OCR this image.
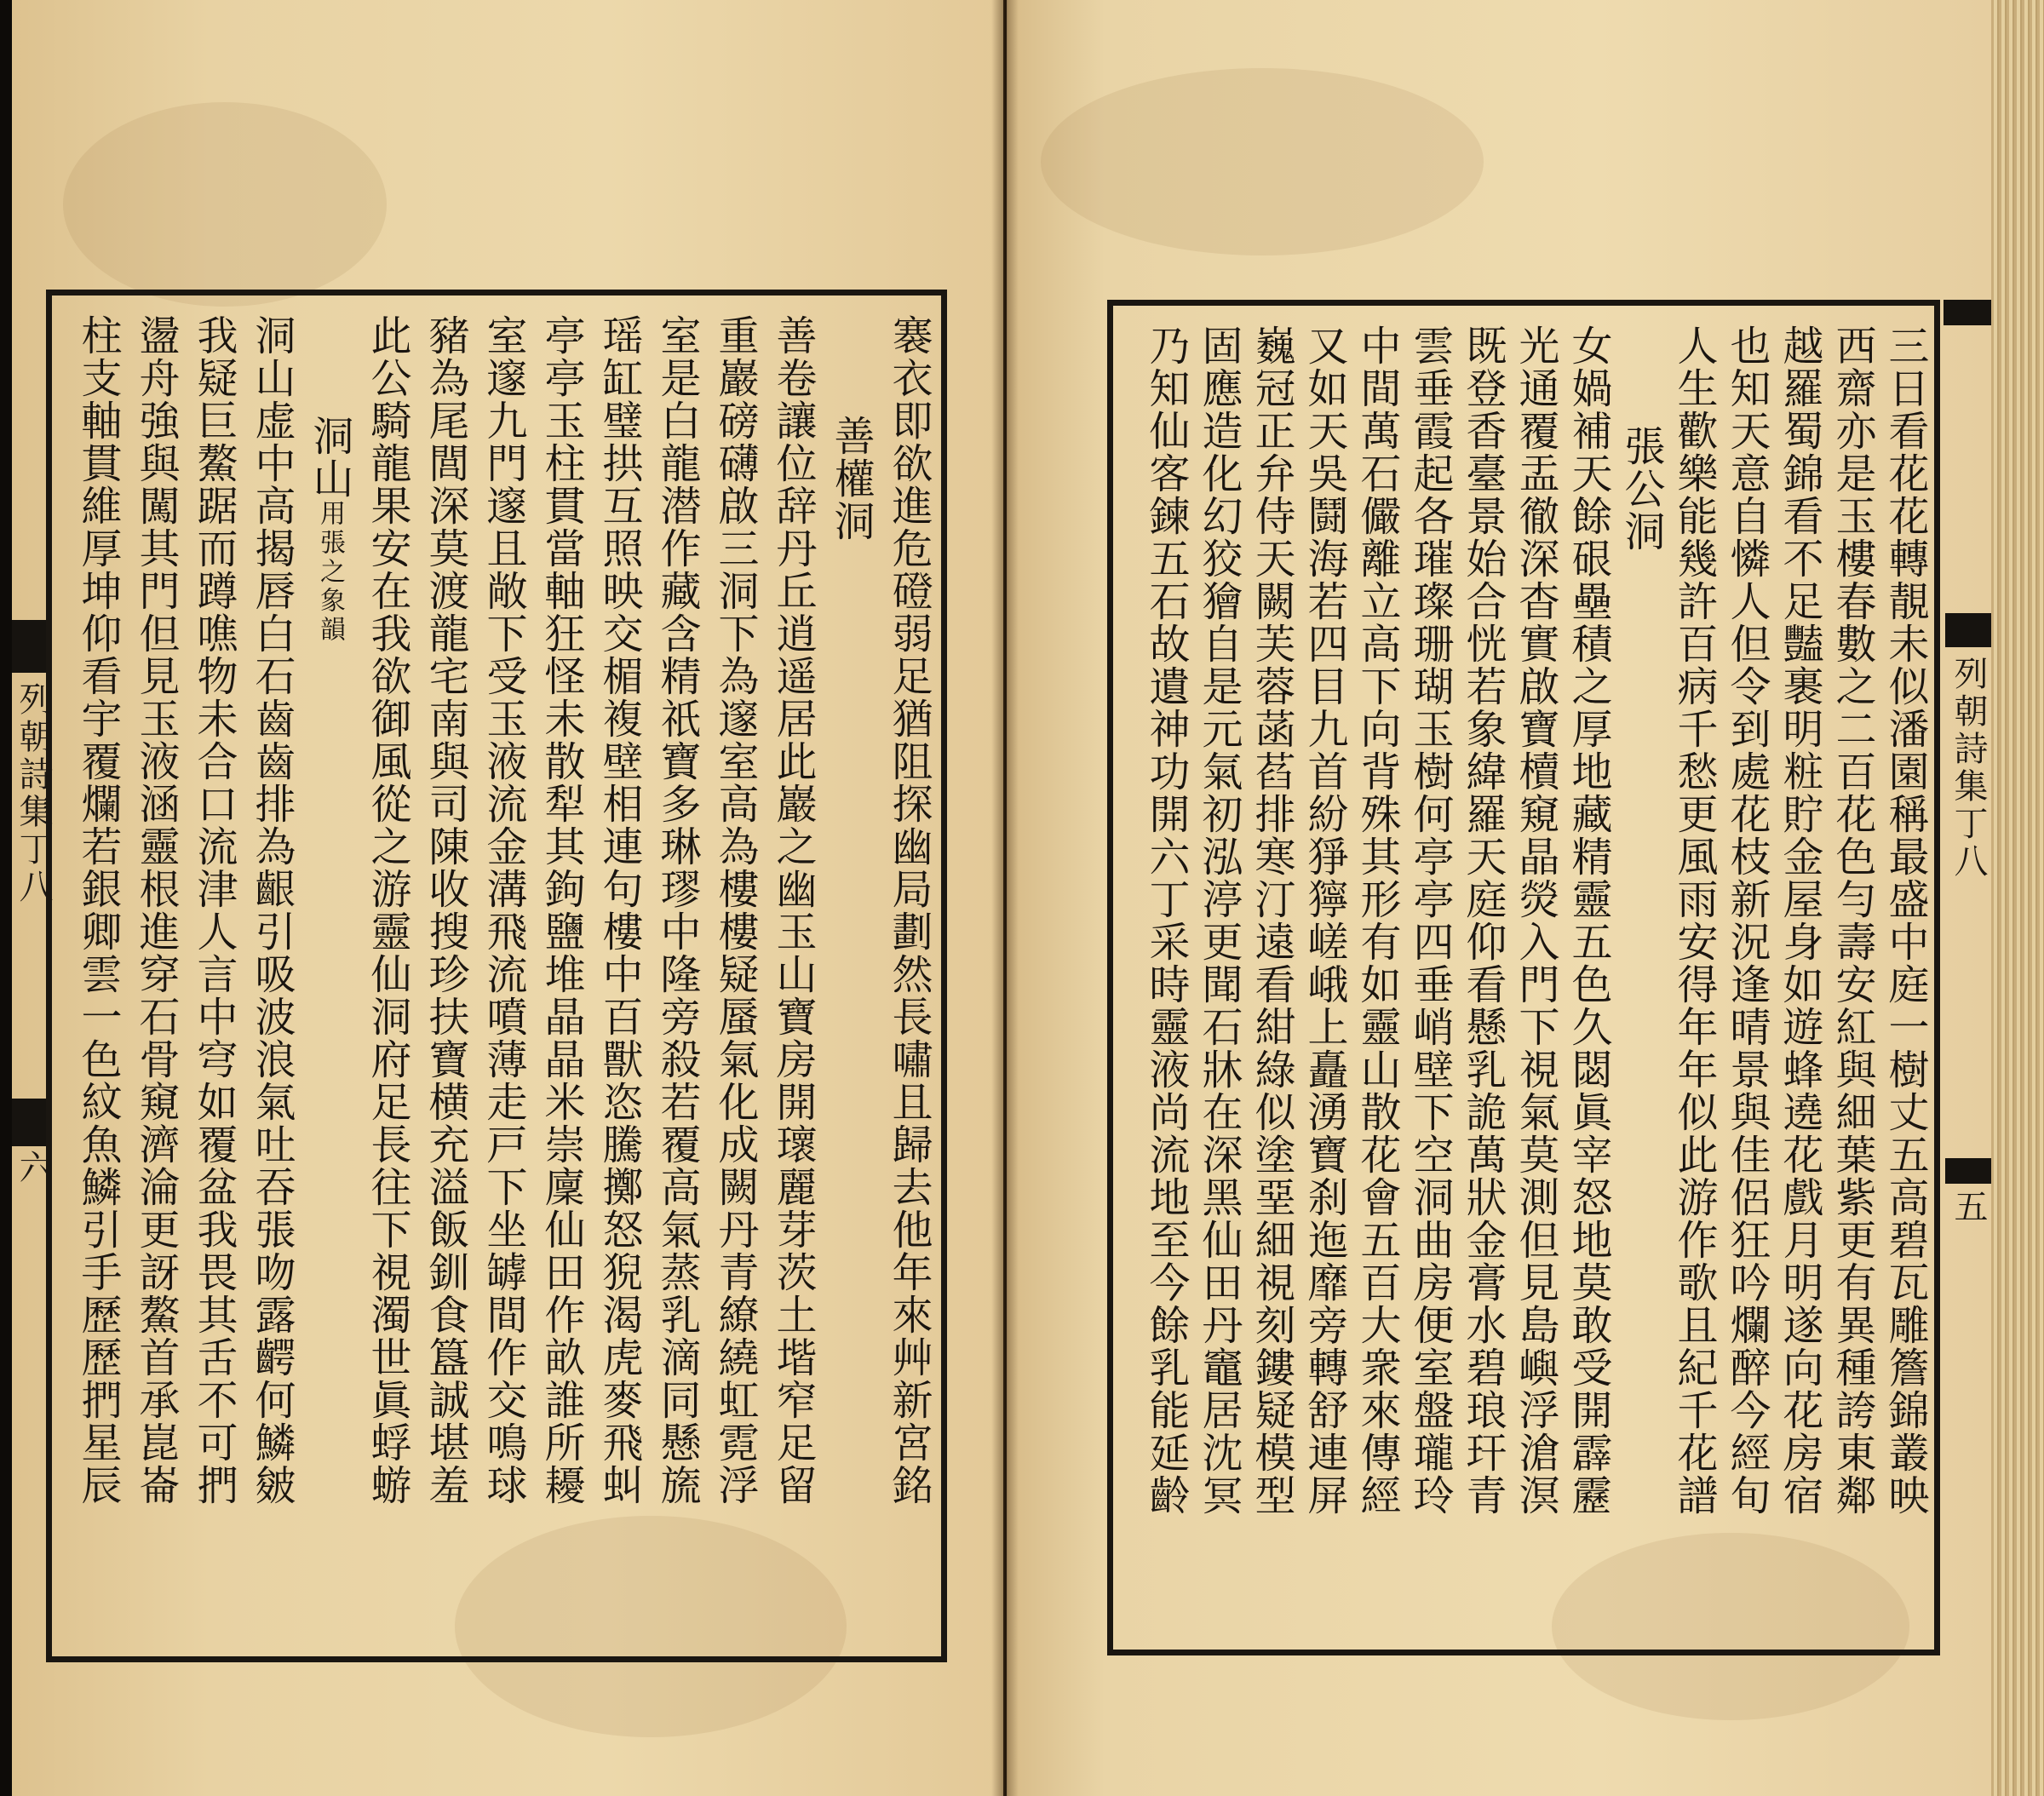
列朝詩集丁八
六	褰衣即欲進危磴弱足猶阻探幽局劃然長嘯且歸去他年來艸新宮銘
善權洞
善卷讓位辞丹丘逍遥居此巖之幽玉山寶房開瓌麗芽茨土堦窄足留
重巖磅礴啟三洞下為邃室高為樓樓疑蜃氣化成闕丹青繚繞虹霓浮
室是白龍潜作藏含精祇寶多琳璆中隆旁殺若覆高氣蒸乳滴同懸旒
瑶缸璧拱互照映交楣複壁相連句樓中百獸恣騰擲怒猊渴虎麥飛虯
亭亭玉柱貫當軸狂怪未散犁其鉤鹽堆晶晶米崇廩仙田作畝誰所耰
室邃九門邃且敞下受玉液流金溝飛流噴薄走戸下坐罅間作交鳴球
豬為尾閭深莫渡龍宅南與司陳收搜珍扶寶横充溢飯釧食簋誠堪羞
此公騎龍果安在我欲御風從之游靈仙洞府足長往下視濁世眞蜉蝣
洞山用張之象韻
洞山虚中高揭唇白石齒齒排為齦引吸波浪氣吐吞張吻露齶何鱗皴
我疑巨鰲踞而蹲噍物未合口流津人言中穹如覆盆我畏其舌不可捫
盪舟強與闖其門但見玉液涵靈根進穿石骨窺濟淪更訝鰲首承崑崙
柱支軸貫維厚坤仰看宇覆爛若銀卿雲一色紋魚鱗引手歷歷捫星辰	三日看花花轉靚未似潘園稱最盛中庭一樹丈五高碧瓦雕簷錦叢映
西齋亦是玉樓春數之二百花色勻壽安紅與細葉紫更有異種誇東鄰
越羅蜀錦看不足豔裹明粧貯金屋身如遊蜂遶花戲月明遂向花房宿
也知天意自憐人但令到處花枝新況逢晴景與佳侶狂吟爛醉今經旬
人生歡樂能幾許百病千愁更風雨安得年年似此游作歌且紀千花譜
張公洞
女媧補天餘硍壘積之厚地藏精靈五色久閟眞宰怒地莫敢受開霹靂
光通覆盂徹深杳實啟寶櫝窺晶熒入門下視氣莫測但見島嶼浮滄溟
既登香臺景始合恍若象緯羅天庭仰看懸乳詭萬狀金膏水碧琅玕青
雲垂霞起各璀璨珊瑚玉樹何亭亭四垂峭壁下空洞曲房便室盤瓏玲
中間萬石儼離立高下向背殊其形有如靈山散花會五百大衆來傳經
又如天吳鬪海若四目九首紛猙獰嵯峨上矗湧寶刹迤靡旁轉舒連屏
巍冠正弁侍天闕芙蓉菡萏排寒汀遠看紺綠似塗堊細視刻鏤疑模型
固應造化幻狡獪自是元氣初泓渟更聞石牀在深黑仙田丹竈居沈冥
乃知仙客鍊五石故遺神功開六丁采時靈液尚流地至今餘乳能延齡	列朝詩集丁八
五
